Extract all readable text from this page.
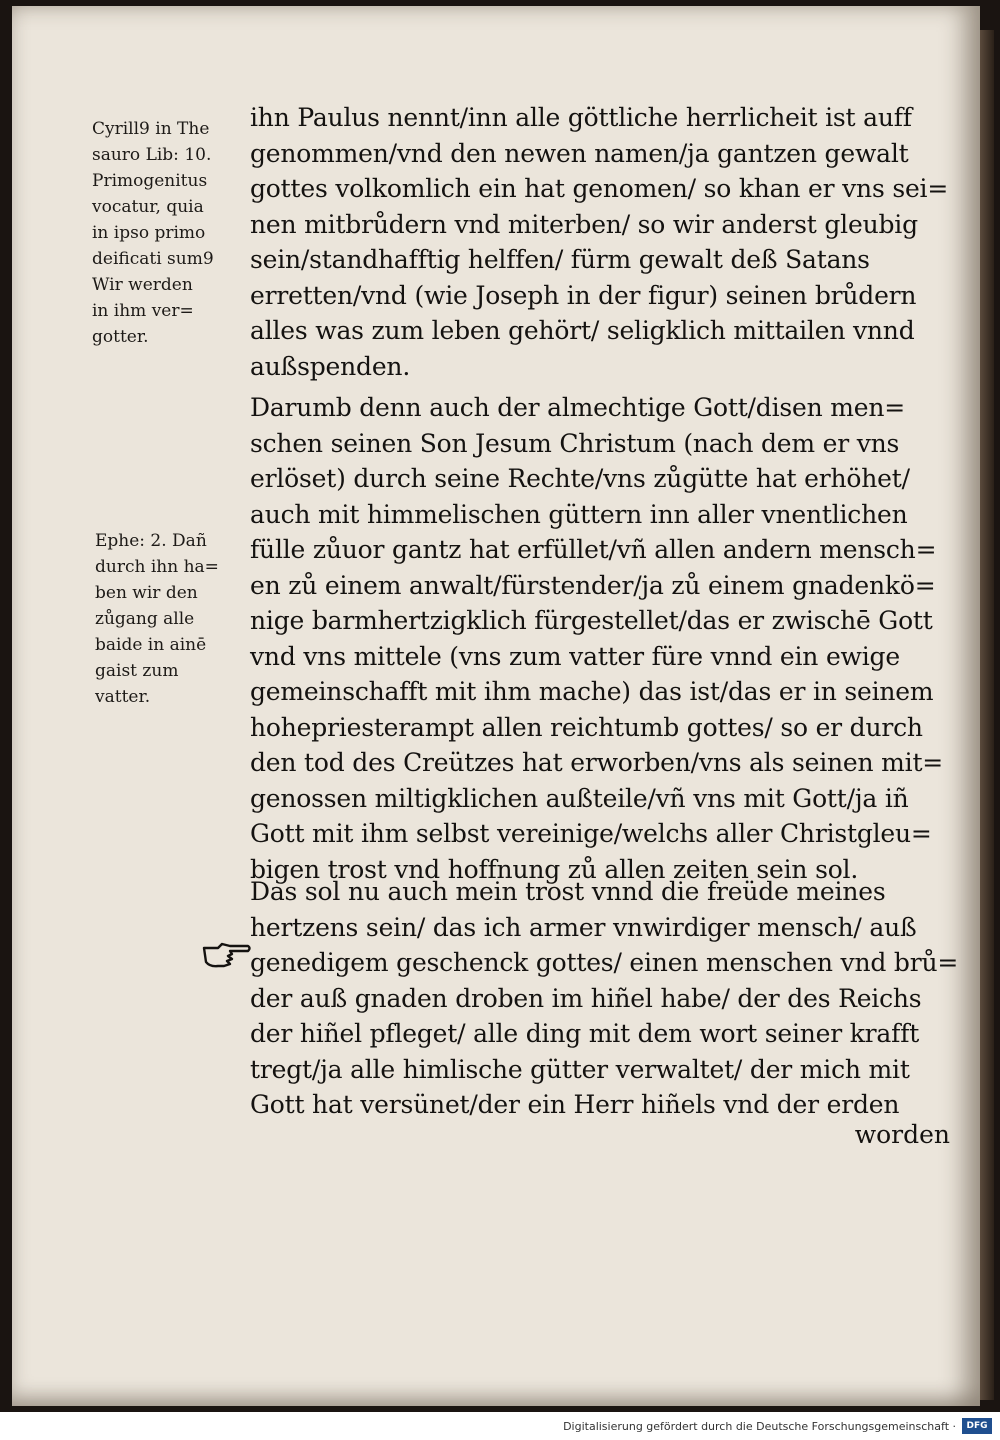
Cyrill9 in The
sauro Lib: 10.
Primogenitus
vocatur, quia
in ipso primo
deificati sum9
Wir werden
in ihm ver=
gotter.

Ephe: 2. Dañ
durch ihn ha=
ben wir den
zůgang alle
baide in ainē
gaist zum
vatter.

ihn Paulus nennt/inn alle göttliche herrlicheit ist auff
genommen/vnd den newen namen/ja gantzen gewalt
gottes volkomlich ein hat genomen/ so khan er vns sei=
nen mitbrůdern vnd miterben/ so wir anderst gleubig
sein/standhafftig helffen/ fürm gewalt deß Satans
erretten/vnd (wie Joseph in der figur) seinen brůdern
alles was zum leben gehört/ seligklich mittailen vnnd
außspenden.
Darumb denn auch der almechtige Gott/disen men=
schen seinen Son Jesum Christum (nach dem er vns
erlöset) durch seine Rechte/vns zůgütte hat erhöhet/
auch mit himmelischen güttern inn aller vnentlichen
fülle zůuor gantz hat erfüllet/vñ allen andern mensch=
en zů einem anwalt/fürstender/ja zů einem gnadenkö=
nige barmhertzigklich fürgestellet/das er zwischē Gott
vnd vns mittele (vns zum vatter füre vnnd ein ewige
gemeinschafft mit ihm mache) das ist/das er in seinem
hohepriesterampt allen reichtumb gottes/ so er durch
den tod des Creützes hat erworben/vns als seinen mit=
genossen miltigklichen außteile/vñ vns mit Gott/ja iñ
Gott mit ihm selbst vereinige/welchs aller Christgleu=
bigen trost vnd hoffnung zů allen zeiten sein sol.
Das sol nu auch mein trost vnnd die freüde meines
hertzens sein/ das ich armer vnwirdiger mensch/ auß
genedigem geschenck gottes/ einen menschen vnd brů=
der auß gnaden droben im hiñel habe/ der des Reichs
der hiñel pfleget/ alle ding mit dem wort seiner krafft
tregt/ja alle himlische gütter verwaltet/ der mich mit
Gott hat versünet/der ein Herr hiñels vnd der erden

worden

Digitalisierung gefördert durch die Deutsche Forschungsgemeinschaft ·	DFG
